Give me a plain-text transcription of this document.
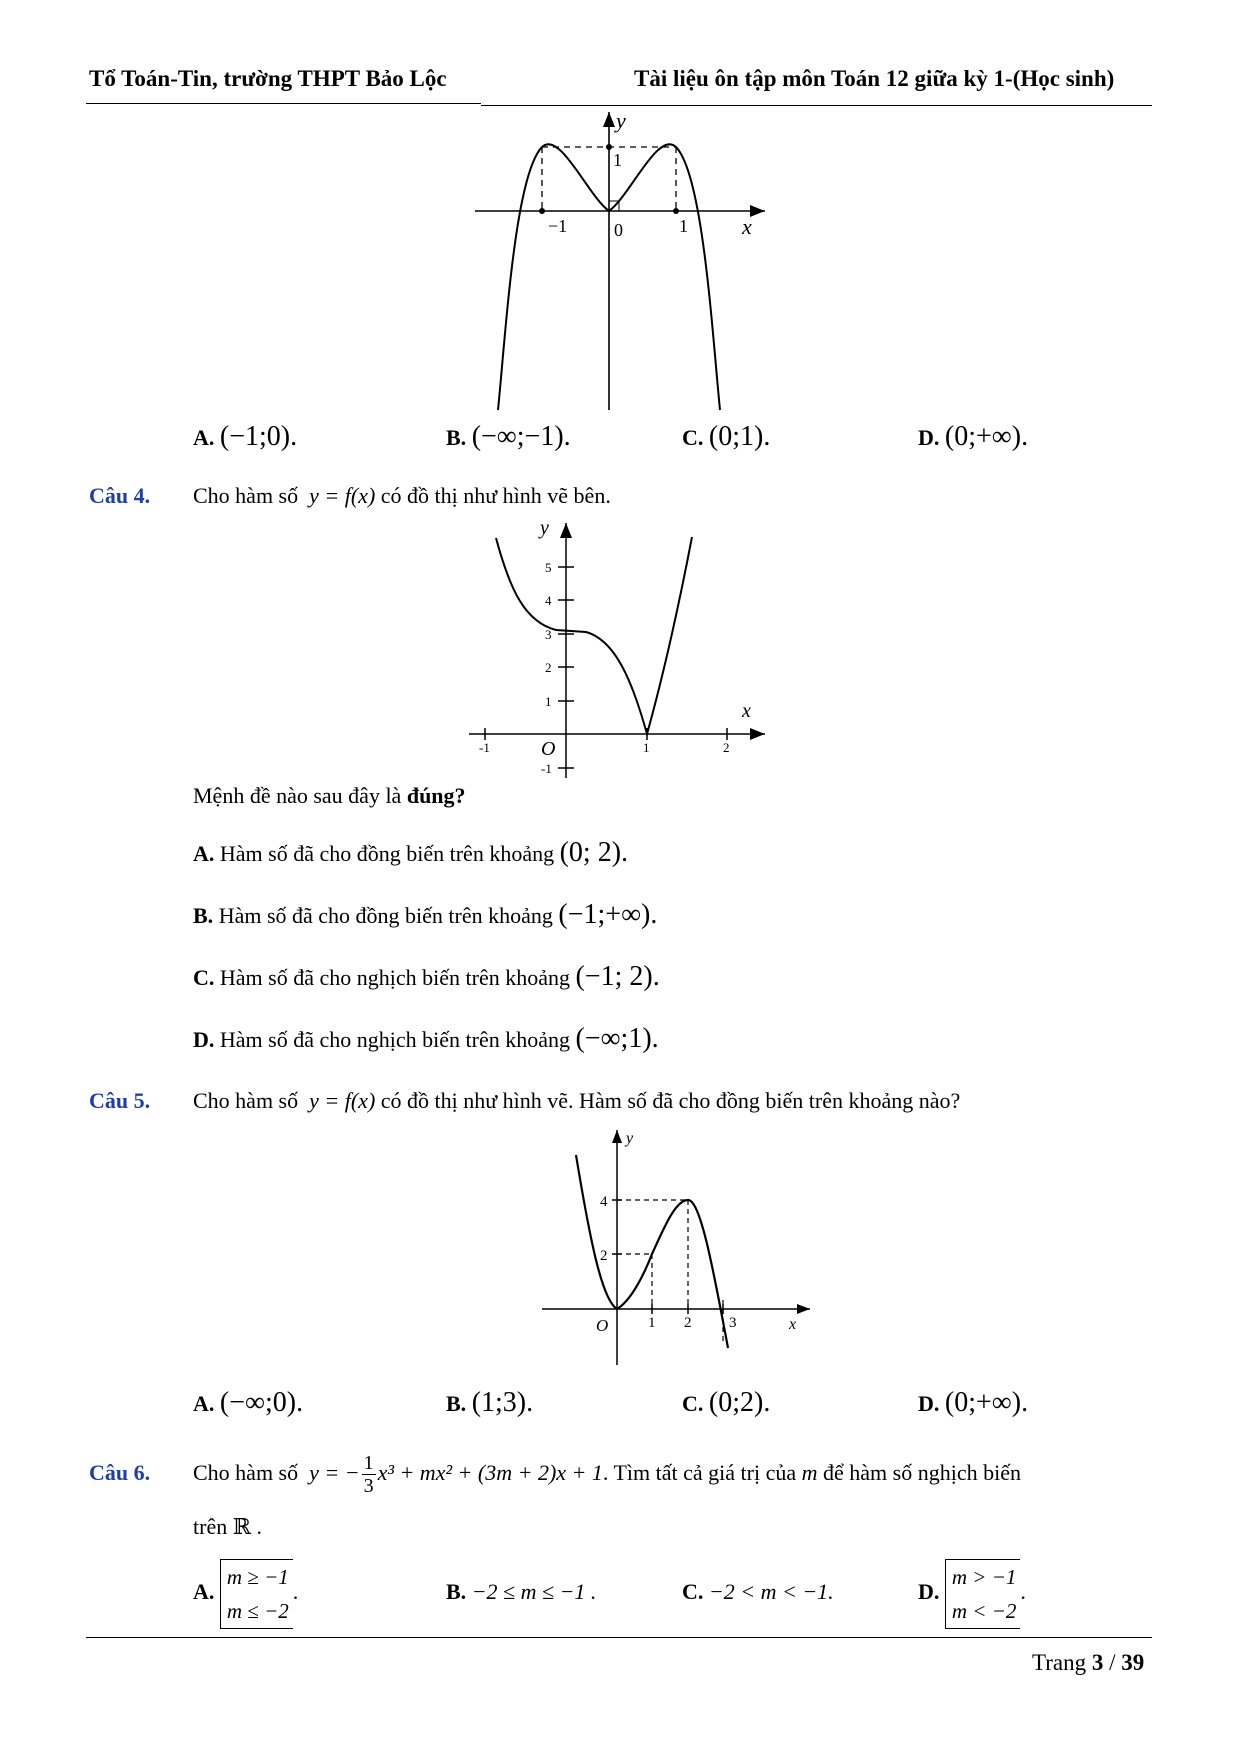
Tổ Toán-Tin, trường THPT Bảo Lộc	Tài liệu ôn tập môn Toán 12 giữa kỳ 1-(Học sinh)
y
x
−1	0	1
1
A. (−1;0).	B. (−∞;−1).	C. (0;1).	D. (0;+∞).
Câu 4. Cho hàm số y = f(x) có đồ thị như hình vẽ bên.
y
x
O
5
4
3
2
1
-1
-1	1	2
Mệnh đề nào sau đây là đúng?
A. Hàm số đã cho đồng biến trên khoảng (0; 2).
B. Hàm số đã cho đồng biến trên khoảng (−1;+∞).
C. Hàm số đã cho nghịch biến trên khoảng (−1; 2).
D. Hàm số đã cho nghịch biến trên khoảng (−∞;1).
Câu 5. Cho hàm số y = f(x) có đồ thị như hình vẽ. Hàm số đã cho đồng biến trên khoảng nào?
y
x
O
4
2
1 2	3
A. (−∞;0).	B. (1;3).	C. (0;2).	D. (0;+∞).
Câu 6. Cho hàm số y = − $\frac{1}{3} x^3 + mx^2 + (3m + 2)x + 1$. Tìm tất cả giá trị của m để hàm số nghịch biến
trên ℝ .
A.
m ≥ −1
m ≤ −2
.	B. −2 ≤ m ≤ −1 .	C. −2 < m < −1.	D.
m > −1
m < −2
.
Trang 3 / 39
